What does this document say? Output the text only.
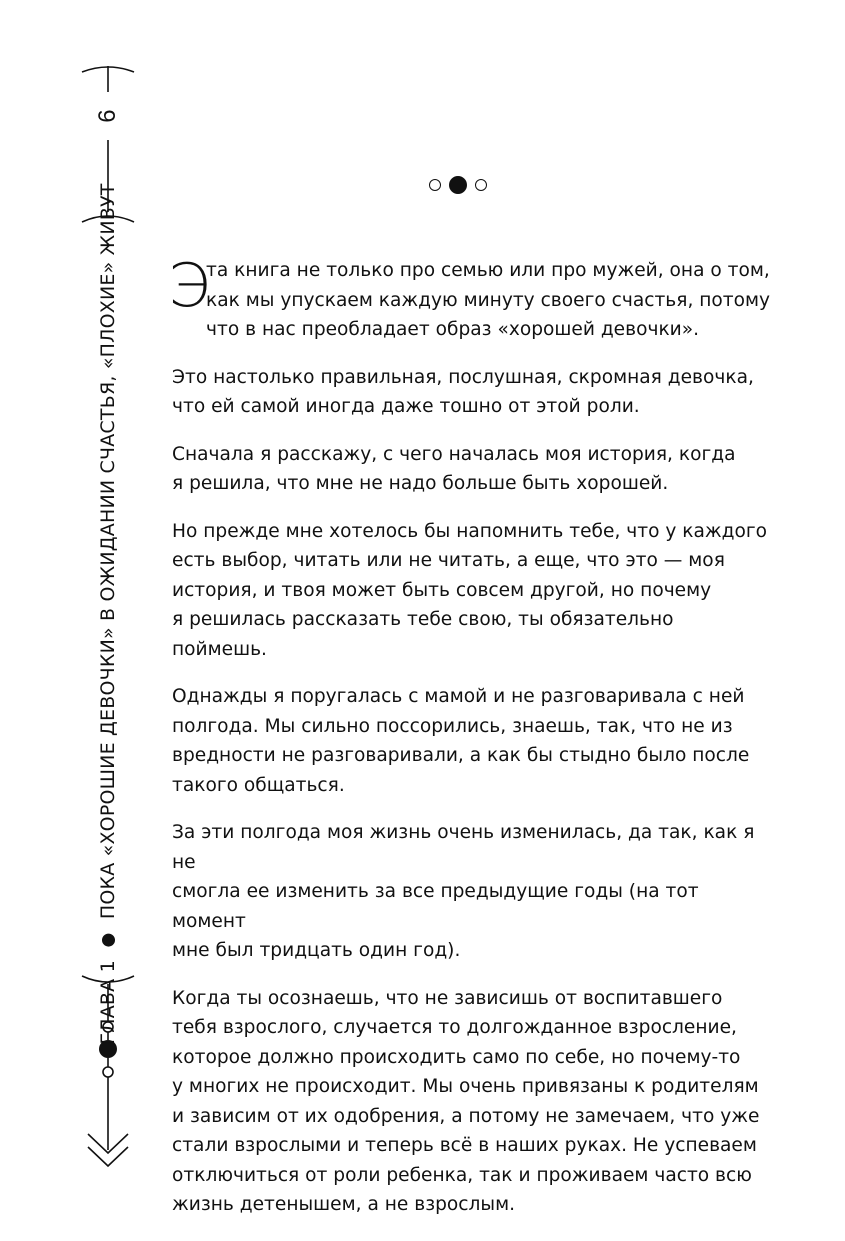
6
ГЛАВА 1ПОКА «ХОРОШИЕ ДЕВОЧКИ» В ОЖИДАНИИ СЧАСТЬЯ, «ПЛОХИЕ» ЖИВУТ Э
та книга не только про семью или про мужей, она о том,
как мы упускаем каждую минуту своего счастья, потому
что в нас преобладает образ «хорошей девочки».

Это настолько правильная, послушная, скромная девочка,
что ей самой иногда даже тошно от этой роли.

Сначала я расскажу, с чего началась моя история, когда
я решила, что мне не надо больше быть хорошей.

Но прежде мне хотелось бы напомнить тебе, что у каждого
есть выбор, читать или не читать, а еще, что это — моя
история, и твоя может быть совсем другой, но почему
я решилась рассказать тебе свою, ты обязательно поймешь.

Однажды я поругалась с мамой и не разговаривала с ней
полгода. Мы сильно поссорились, знаешь, так, что не из
вредности не разговаривали, а как бы стыдно было после
такого общаться.

За эти полгода моя жизнь очень изменилась, да так, как я не
смогла ее изменить за все предыдущие годы (на тот момент
мне был тридцать один год).

Когда ты осознаешь, что не зависишь от воспитавшего
тебя взрослого, случается то долгожданное взросление,
которое должно происходить само по себе, но почему-то
у многих не происходит. Мы очень привязаны к родителям
и зависим от их одобрения, а потому не замечаем, что уже
стали взрослыми и теперь всё в наших руках. Не успеваем
отключиться от роли ребенка, так и проживаем часто всю
жизнь детенышем, а не взрослым.
